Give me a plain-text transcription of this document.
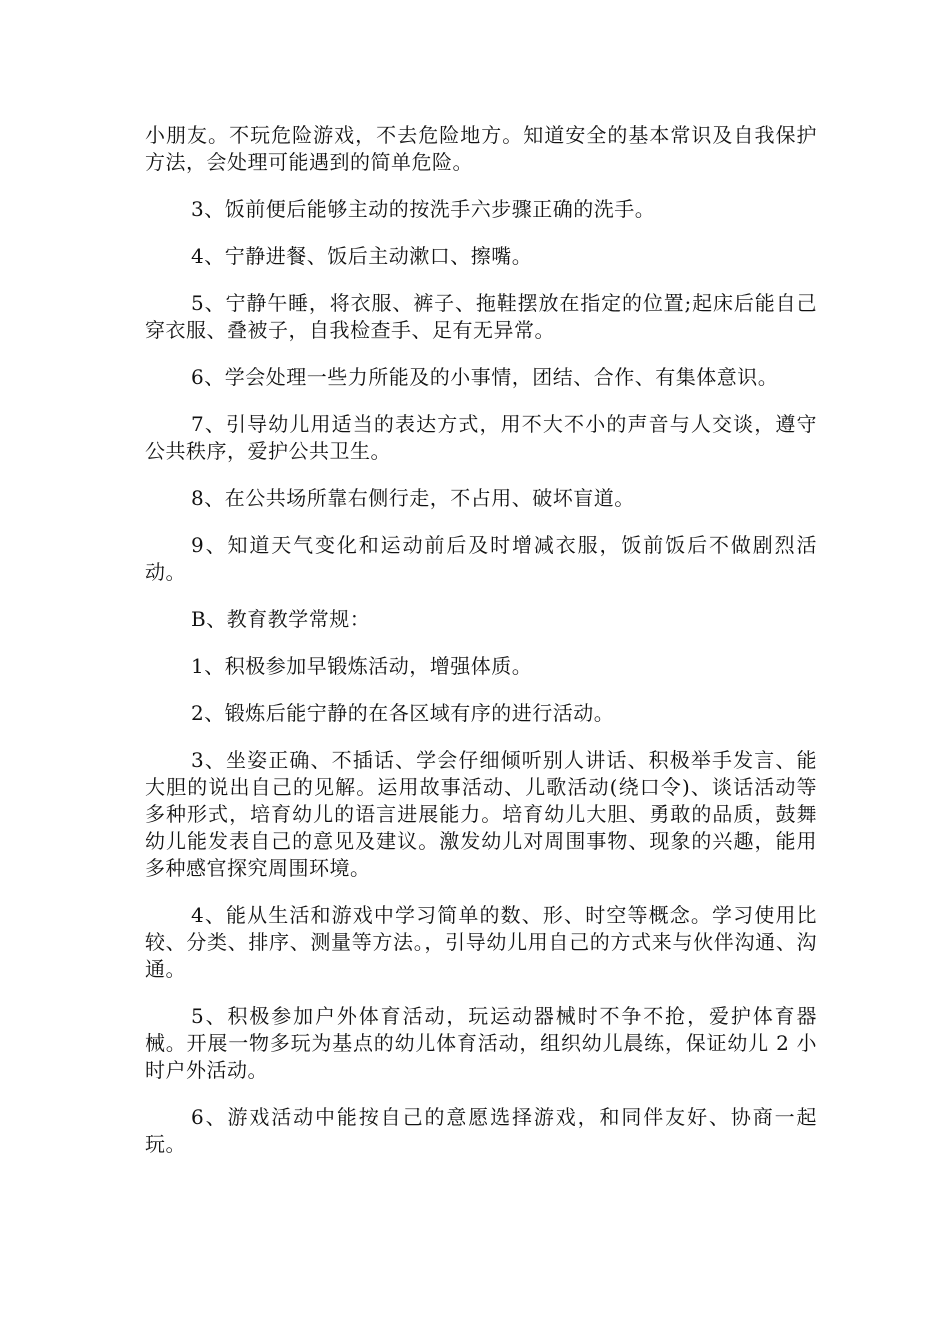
小朋友。不玩危险游戏，不去危险地方。知道安全的基本常识及自我保护方法，会处理可能遇到的简单危险。

3、饭前便后能够主动的按洗手六步骤正确的洗手。

4、宁静进餐、饭后主动漱口、擦嘴。

5、宁静午睡，将衣服、裤子、拖鞋摆放在指定的位置;起床后能自己穿衣服、叠被子，自我检查手、足有无异常。

6、学会处理一些力所能及的小事情，团结、合作、有集体意识。

7、引导幼儿用适当的表达方式，用不大不小的声音与人交谈，遵守公共秩序，爱护公共卫生。

8、在公共场所靠右侧行走，不占用、破坏盲道。

9、知道天气变化和运动前后及时增减衣服，饭前饭后不做剧烈活动。

B、教育教学常规：

1、积极参加早锻炼活动，增强体质。

2、锻炼后能宁静的在各区域有序的进行活动。

3、坐姿正确、不插话、学会仔细倾听别人讲话、积极举手发言、能大胆的说出自己的见解。运用故事活动、儿歌活动(绕口令)、谈话活动等多种形式，培育幼儿的语言进展能力。培育幼儿大胆、勇敢的品质，鼓舞幼儿能发表自己的意见及建议。激发幼儿对周围事物、现象的兴趣，能用多种感官探究周围环境。

4、能从生活和游戏中学习简单的数、形、时空等概念。学习使用比较、分类、排序、测量等方法。，引导幼儿用自己的方式来与伙伴沟通、沟通。

5、积极参加户外体育活动，玩运动器械时不争不抢，爱护体育器械。开展一物多玩为基点的幼儿体育活动，组织幼儿晨练，保证幼儿 2 小时户外活动。

6、游戏活动中能按自己的意愿选择游戏，和同伴友好、协商一起玩。
